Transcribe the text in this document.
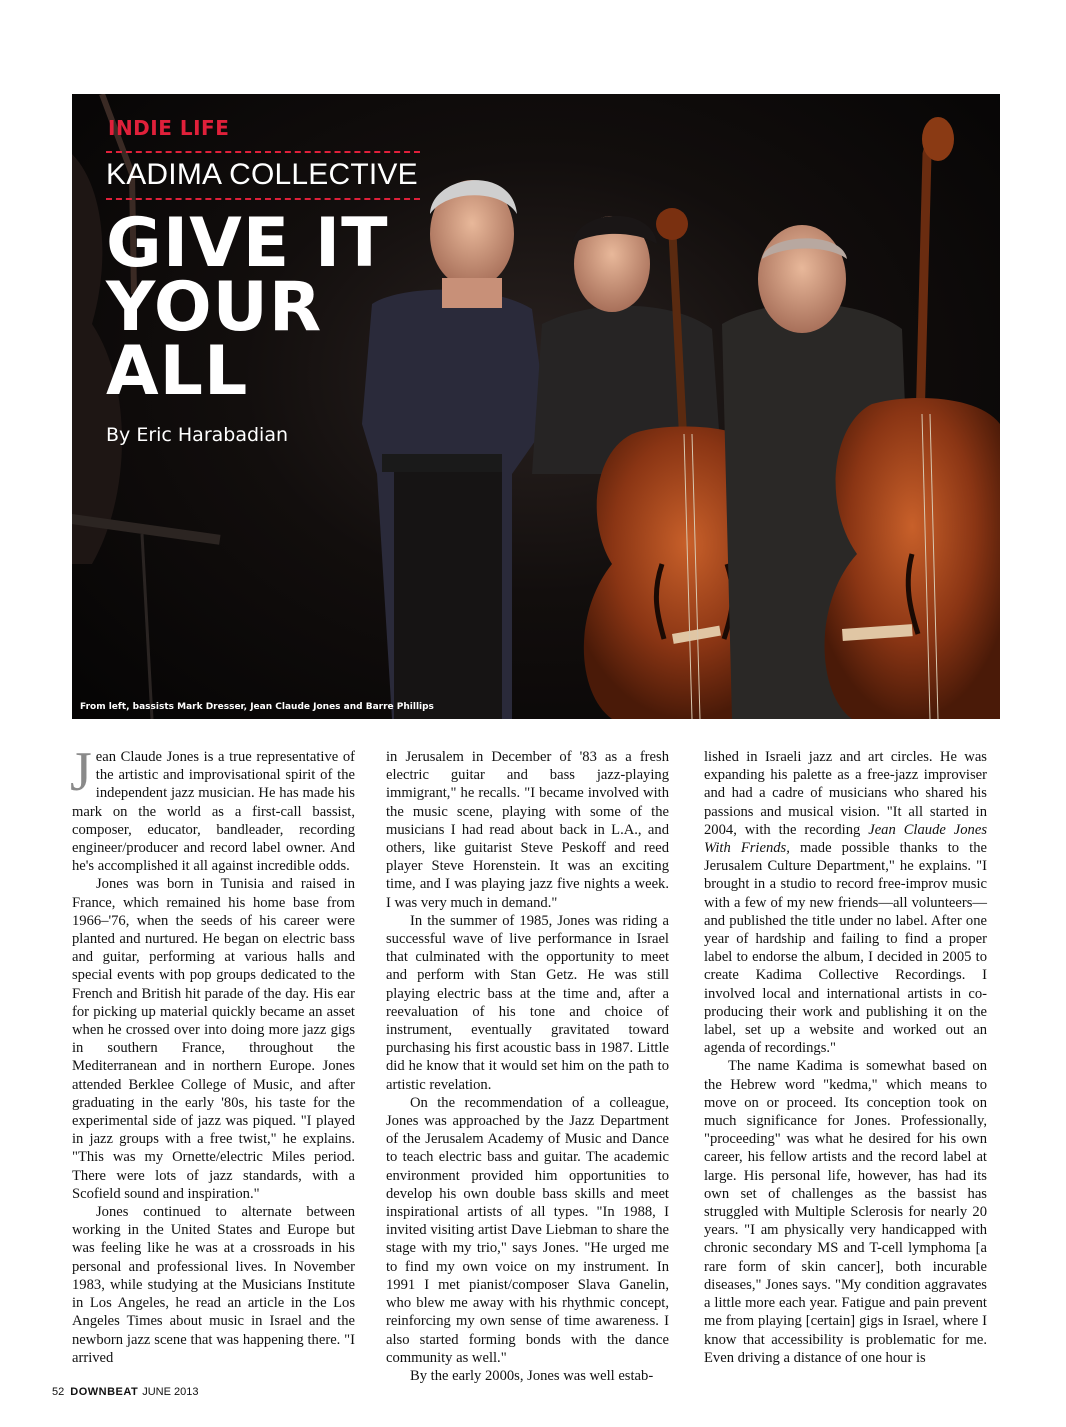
INDIE LIFE
KADIMA COLLECTIVE
GIVE IT
YOUR
ALL
By Eric Harabadian
From left, bassists Mark Dresser, Jean Claude Jones and Barre Phillips

Jean Claude Jones is a true representative of the artistic and improvisational spirit of the independent jazz musician. He has made his mark on the world as a first-call bassist, composer, educator, bandleader, recording engineer/producer and record label owner. And he's accomplished it all against incredible odds.

Jones was born in Tunisia and raised in France, which remained his home base from 1966–'76, when the seeds of his career were planted and nurtured. He began on electric bass and guitar, performing at various halls and special events with pop groups dedicated to the French and British hit parade of the day. His ear for picking up material quickly became an asset when he crossed over into doing more jazz gigs in southern France, throughout the Mediterranean and in northern Europe. Jones attended Berklee College of Music, and after graduating in the early '80s, his taste for the experimental side of jazz was piqued. "I played in jazz groups with a free twist," he explains. "This was my Ornette/electric Miles period. There were lots of jazz standards, with a Scofield sound and inspiration."

Jones continued to alternate between working in the United States and Europe but was feeling like he was at a crossroads in his personal and professional lives. In November 1983, while studying at the Musicians Institute in Los Angeles, he read an article in the Los Angeles Times about music in Israel and the newborn jazz scene that was happening there. "I arrived

in Jerusalem in December of '83 as a fresh electric guitar and bass jazz-playing immigrant," he recalls. "I became involved with the music scene, playing with some of the musicians I had read about back in L.A., and others, like guitarist Steve Peskoff and reed player Steve Horenstein. It was an exciting time, and I was playing jazz five nights a week. I was very much in demand."

In the summer of 1985, Jones was riding a successful wave of live performance in Israel that culminated with the opportunity to meet and perform with Stan Getz. He was still playing electric bass at the time and, after a reevaluation of his tone and choice of instrument, eventually gravitated toward purchasing his first acoustic bass in 1987. Little did he know that it would set him on the path to artistic revelation.

On the recommendation of a colleague, Jones was approached by the Jazz Department of the Jerusalem Academy of Music and Dance to teach electric bass and guitar. The academic environment provided him opportunities to develop his own double bass skills and meet inspirational artists of all types. "In 1988, I invited visiting artist Dave Liebman to share the stage with my trio," says Jones. "He urged me to find my own voice on my instrument. In 1991 I met pianist/composer Slava Ganelin, who blew me away with his rhythmic concept, reinforcing my own sense of time awareness. I also started forming bonds with the dance community as well."

By the early 2000s, Jones was well estab-

lished in Israeli jazz and art circles. He was expanding his palette as a free-jazz improviser and had a cadre of musicians who shared his passions and musical vision. "It all started in 2004, with the recording Jean Claude Jones With Friends, made possible thanks to the Jerusalem Culture Department," he explains. "I brought in a studio to record free-improv music with a few of my new friends—all volunteers—and published the title under no label. After one year of hardship and failing to find a proper label to endorse the album, I decided in 2005 to create Kadima Collective Recordings. I involved local and international artists in co-producing their work and publishing it on the label, set up a website and worked out an agenda of recordings."

The name Kadima is somewhat based on the Hebrew word "kedma," which means to move on or proceed. Its conception took on much significance for Jones. Professionally, "proceeding" was what he desired for his own career, his fellow artists and the record label at large. His personal life, however, has had its own set of challenges as the bassist has struggled with Multiple Sclerosis for nearly 20 years. "I am physically very handicapped with chronic secondary MS and T-cell lymphoma [a rare form of skin cancer], both incurable diseases," Jones says. "My condition aggravates a little more each year. Fatigue and pain prevent me from playing [certain] gigs in Israel, where I know that accessibility is problematic for me. Even driving a distance of one hour is

52 DOWNBEAT JUNE 2013
